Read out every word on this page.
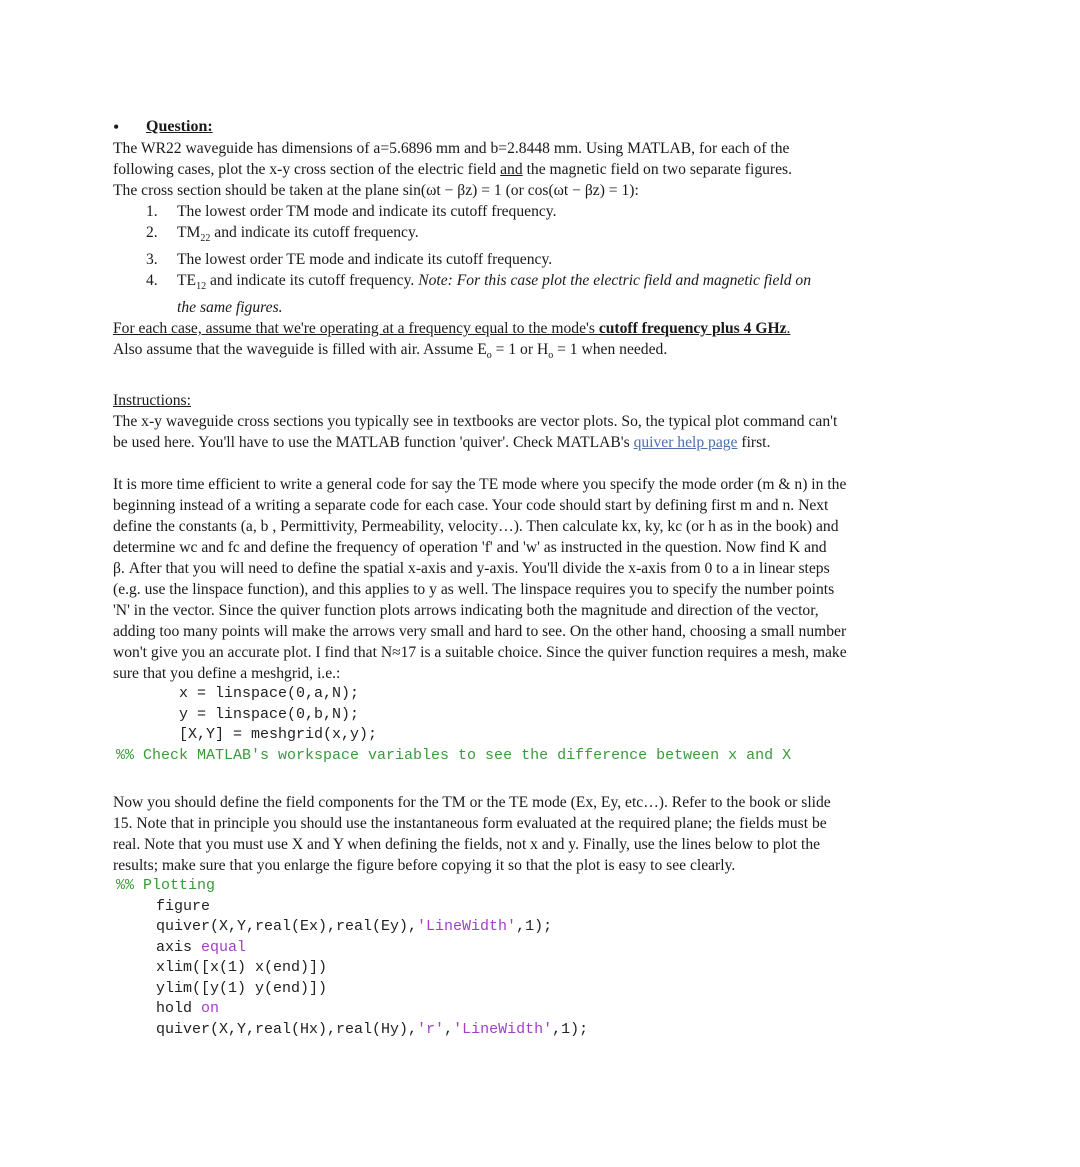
• Question:

The WR22 waveguide has dimensions of a=5.6896 mm and b=2.8448 mm. Using MATLAB, for each of the

following cases, plot the x-y cross section of the electric field and the magnetic field on two separate figures.

The cross section should be taken at the plane sin(ωt − βz) = 1 (or cos(ωt − βz) = 1):

1. The lowest order TM mode and indicate its cutoff frequency.
2. $TM_{22}$ and indicate its cutoff frequency.
3. The lowest order TE mode and indicate its cutoff frequency.
4. $TE_{12}$ and indicate its cutoff frequency. Note: For this case plot the electric field and magnetic field on
the same figures.

For each case, assume that we're operating at a frequency equal to the mode's cutoff frequency plus 4 GHz.

Also assume that the waveguide is filled with air. Assume $E_o = 1$ or $H_o = 1$ when needed.

Instructions:

The x-y waveguide cross sections you typically see in textbooks are vector plots. So, the typical plot command can't

be used here. You'll have to use the MATLAB function 'quiver'. Check MATLAB's quiver help page first.

It is more time efficient to write a general code for say the TE mode where you specify the mode order (m & n) in the

beginning instead of a writing a separate code for each case. Your code should start by defining first m and n. Next

define the constants (a, b , Permittivity, Permeability, velocity…). Then calculate kx, ky, kc (or h as in the book) and

determine wc and fc and define the frequency of operation 'f' and 'w' as instructed in the question. Now find K and

β. After that you will need to define the spatial x-axis and y-axis. You'll divide the x-axis from 0 to a in linear steps

(e.g. use the linspace function), and this applies to y as well. The linspace requires you to specify the number points

'N' in the vector. Since the quiver function plots arrows indicating both the magnitude and direction of the vector,

adding too many points will make the arrows very small and hard to see. On the other hand, choosing a small number

won't give you an accurate plot. I find that N≈17 is a suitable choice. Since the quiver function requires a mesh, make

sure that you define a meshgrid, i.e.:

x = linspace(0,a,N);
y = linspace(0,b,N);
[X,Y] = meshgrid(x,y);
%% Check MATLAB's workspace variables to see the difference between x and X

Now you should define the field components for the TM or the TE mode (Ex, Ey, etc…). Refer to the book or slide

15. Note that in principle you should use the instantaneous form evaluated at the required plane; the fields must be

real. Note that you must use X and Y when defining the fields, not x and y. Finally, use the lines below to plot the

results; make sure that you enlarge the figure before copying it so that the plot is easy to see clearly.

%% Plotting
figure
quiver(X,Y,real(Ex),real(Ey),'LineWidth',1);
axis equal
xlim([x(1) x(end)])
ylim([y(1) y(end)])
hold on
quiver(X,Y,real(Hx),real(Hy),'r','LineWidth',1);
